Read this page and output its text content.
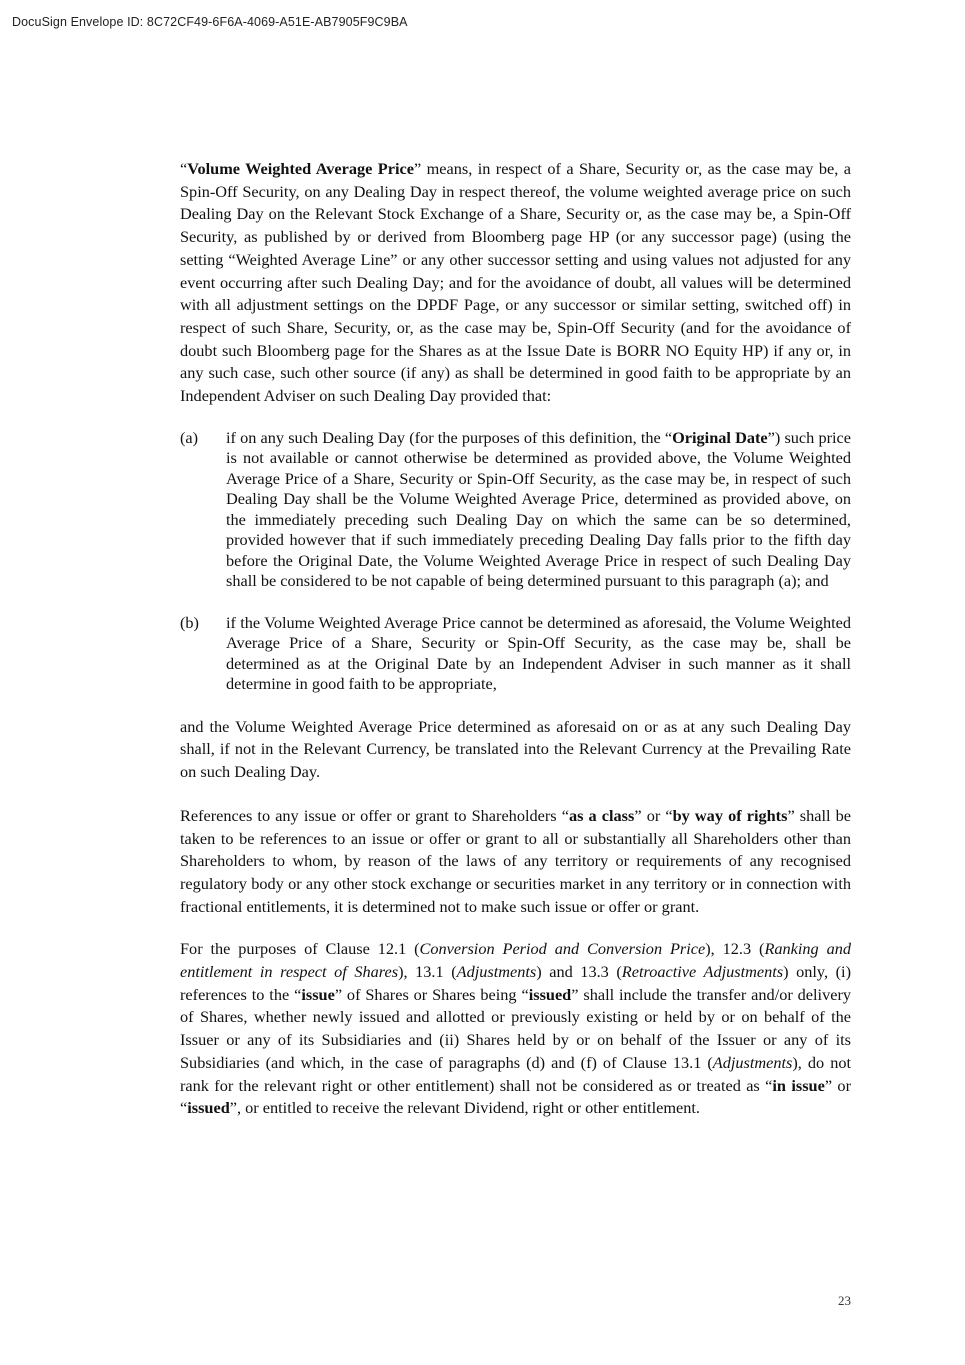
DocuSign Envelope ID: 8C72CF49-6F6A-4069-A51E-AB7905F9C9BA

“Volume Weighted Average Price” means, in respect of a Share, Security or, as the case may be, a Spin-Off Security, on any Dealing Day in respect thereof, the volume weighted average price on such Dealing Day on the Relevant Stock Exchange of a Share, Security or, as the case may be, a Spin-Off Security, as published by or derived from Bloomberg page HP (or any successor page) (using the setting “Weighted Average Line” or any other successor setting and using values not adjusted for any event occurring after such Dealing Day; and for the avoidance of doubt, all values will be determined with all adjustment settings on the DPDF Page, or any successor or similar setting, switched off) in respect of such Share, Security, or, as the case may be, Spin-Off Security (and for the avoidance of doubt such Bloomberg page for the Shares as at the Issue Date is BORR NO Equity HP) if any or, in any such case, such other source (if any) as shall be determined in good faith to be appropriate by an Independent Adviser on such Dealing Day provided that:

(a)	if on any such Dealing Day (for the purposes of this definition, the “Original Date”) such price is not available or cannot otherwise be determined as provided above, the Volume Weighted Average Price of a Share, Security or Spin-Off Security, as the case may be, in respect of such Dealing Day shall be the Volume Weighted Average Price, determined as provided above, on the immediately preceding such Dealing Day on which the same can be so determined, provided however that if such immediately preceding Dealing Day falls prior to the fifth day before the Original Date, the Volume Weighted Average Price in respect of such Dealing Day shall be considered to be not capable of being determined pursuant to this paragraph (a); and
(b)	if the Volume Weighted Average Price cannot be determined as aforesaid, the Volume Weighted Average Price of a Share, Security or Spin-Off Security, as the case may be, shall be determined as at the Original Date by an Independent Adviser in such manner as it shall determine in good faith to be appropriate,

and the Volume Weighted Average Price determined as aforesaid on or as at any such Dealing Day shall, if not in the Relevant Currency, be translated into the Relevant Currency at the Prevailing Rate on such Dealing Day.

References to any issue or offer or grant to Shareholders “as a class” or “by way of rights” shall be taken to be references to an issue or offer or grant to all or substantially all Shareholders other than Shareholders to whom, by reason of the laws of any territory or requirements of any recognised regulatory body or any other stock exchange or securities market in any territory or in connection with fractional entitlements, it is determined not to make such issue or offer or grant.

For the purposes of Clause 12.1 (Conversion Period and Conversion Price), 12.3 (Ranking and entitlement in respect of Shares), 13.1 (Adjustments) and 13.3 (Retroactive Adjustments) only, (i) references to the “issue” of Shares or Shares being “issued” shall include the transfer and/or delivery of Shares, whether newly issued and allotted or previously existing or held by or on behalf of the Issuer or any of its Subsidiaries and (ii) Shares held by or on behalf of the Issuer or any of its Subsidiaries (and which, in the case of paragraphs (d) and (f) of Clause 13.1 (Adjustments), do not rank for the relevant right or other entitlement) shall not be considered as or treated as “in issue” or “issued”, or entitled to receive the relevant Dividend, right or other entitlement.

23
